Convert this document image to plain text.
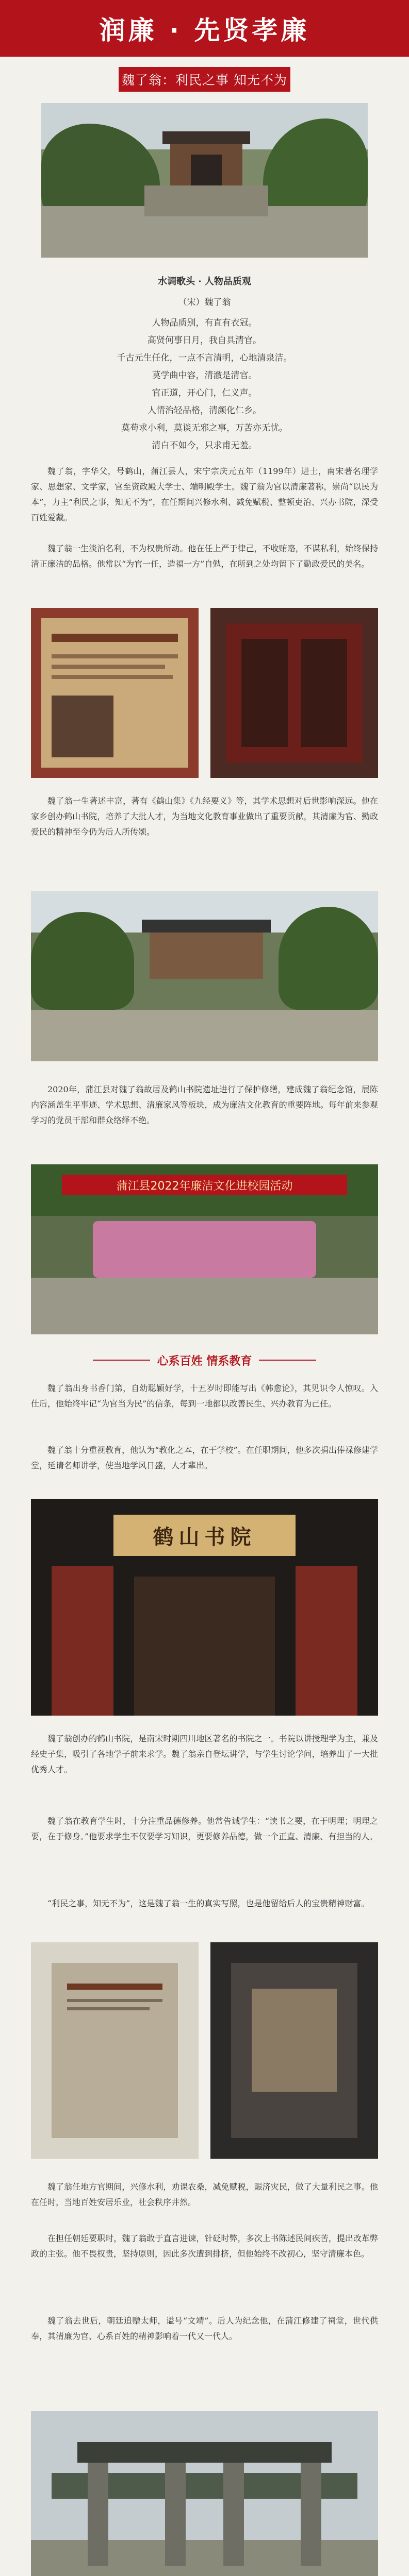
润廉 · 先贤孝廉
魏了翁：利民之事 知无不为
水调歌头 · 人物品质观
（宋）魏了翁
人物品质别，有直有衣冠。
高贤何事日月，我自具清官。
千古元生任化，一点不言清明，心地清泉洁。
莫学曲中容，清澈是清官。
官正道，开心门，仁义声。
人情治轻品格，清颜化仁乡。
莫苟求小利，莫谈无邪之事，万苦亦无忧。
清白不如今，只求甫无羞。

魏了翁，字华父，号鹤山，蒲江县人，宋宁宗庆元五年（1199年）进士，南宋著名理学家、思想家、文学家，官至资政殿大学士、端明殿学士。魏了翁为官以清廉著称，崇尚“以民为本”，力主“利民之事，知无不为”，在任期间兴修水利、减免赋税、整顿吏治、兴办书院，深受百姓爱戴。

魏了翁一生淡泊名利，不为权贵所动。他在任上严于律己，不收贿赂，不谋私利，始终保持清正廉洁的品格。他常以“为官一任，造福一方”自勉，在所到之处均留下了勤政爱民的美名。

魏了翁一生著述丰富，著有《鹤山集》《九经要义》等，其学术思想对后世影响深远。他在家乡创办鹤山书院，培养了大批人才，为当地文化教育事业做出了重要贡献，其清廉为官、勤政爱民的精神至今仍为后人所传颂。

2020年，蒲江县对魏了翁故居及鹤山书院遗址进行了保护修缮，建成魏了翁纪念馆，展陈内容涵盖生平事迹、学术思想、清廉家风等板块，成为廉洁文化教育的重要阵地。每年前来参观学习的党员干部和群众络绎不绝。

蒲江县2022年廉洁文化进校园活动
心系百姓 情系教育

魏了翁出身书香门第，自幼聪颖好学，十五岁时即能写出《韩愈论》，其见识令人惊叹。入仕后，他始终牢记“为官当为民”的信条，每到一地都以改善民生、兴办教育为己任。

魏了翁十分重视教育，他认为“教化之本，在于学校”。在任职期间，他多次捐出俸禄修建学堂，延请名师讲学，使当地学风日盛，人才辈出。

鹤山书院

魏了翁创办的鹤山书院，是南宋时期四川地区著名的书院之一。书院以讲授理学为主，兼及经史子集，吸引了各地学子前来求学。魏了翁亲自登坛讲学，与学生讨论学问，培养出了一大批优秀人才。

魏了翁在教育学生时，十分注重品德修养。他常告诫学生：“读书之要，在于明理；明理之要，在于修身。”他要求学生不仅要学习知识，更要修养品德，做一个正直、清廉、有担当的人。

“利民之事，知无不为”，这是魏了翁一生的真实写照，也是他留给后人的宝贵精神财富。

魏了翁任地方官期间，兴修水利，劝课农桑，减免赋税，赈济灾民，做了大量利民之事。他在任时，当地百姓安居乐业，社会秩序井然。

在担任朝廷要职时，魏了翁敢于直言进谏，针砭时弊，多次上书陈述民间疾苦，提出改革弊政的主张。他不畏权贵，坚持原则，因此多次遭到排挤，但他始终不改初心，坚守清廉本色。

魏了翁去世后，朝廷追赠太师，谥号“文靖”。后人为纪念他，在蒲江修建了祠堂，世代供奉，其清廉为官、心系百姓的精神影响着一代又一代人。
